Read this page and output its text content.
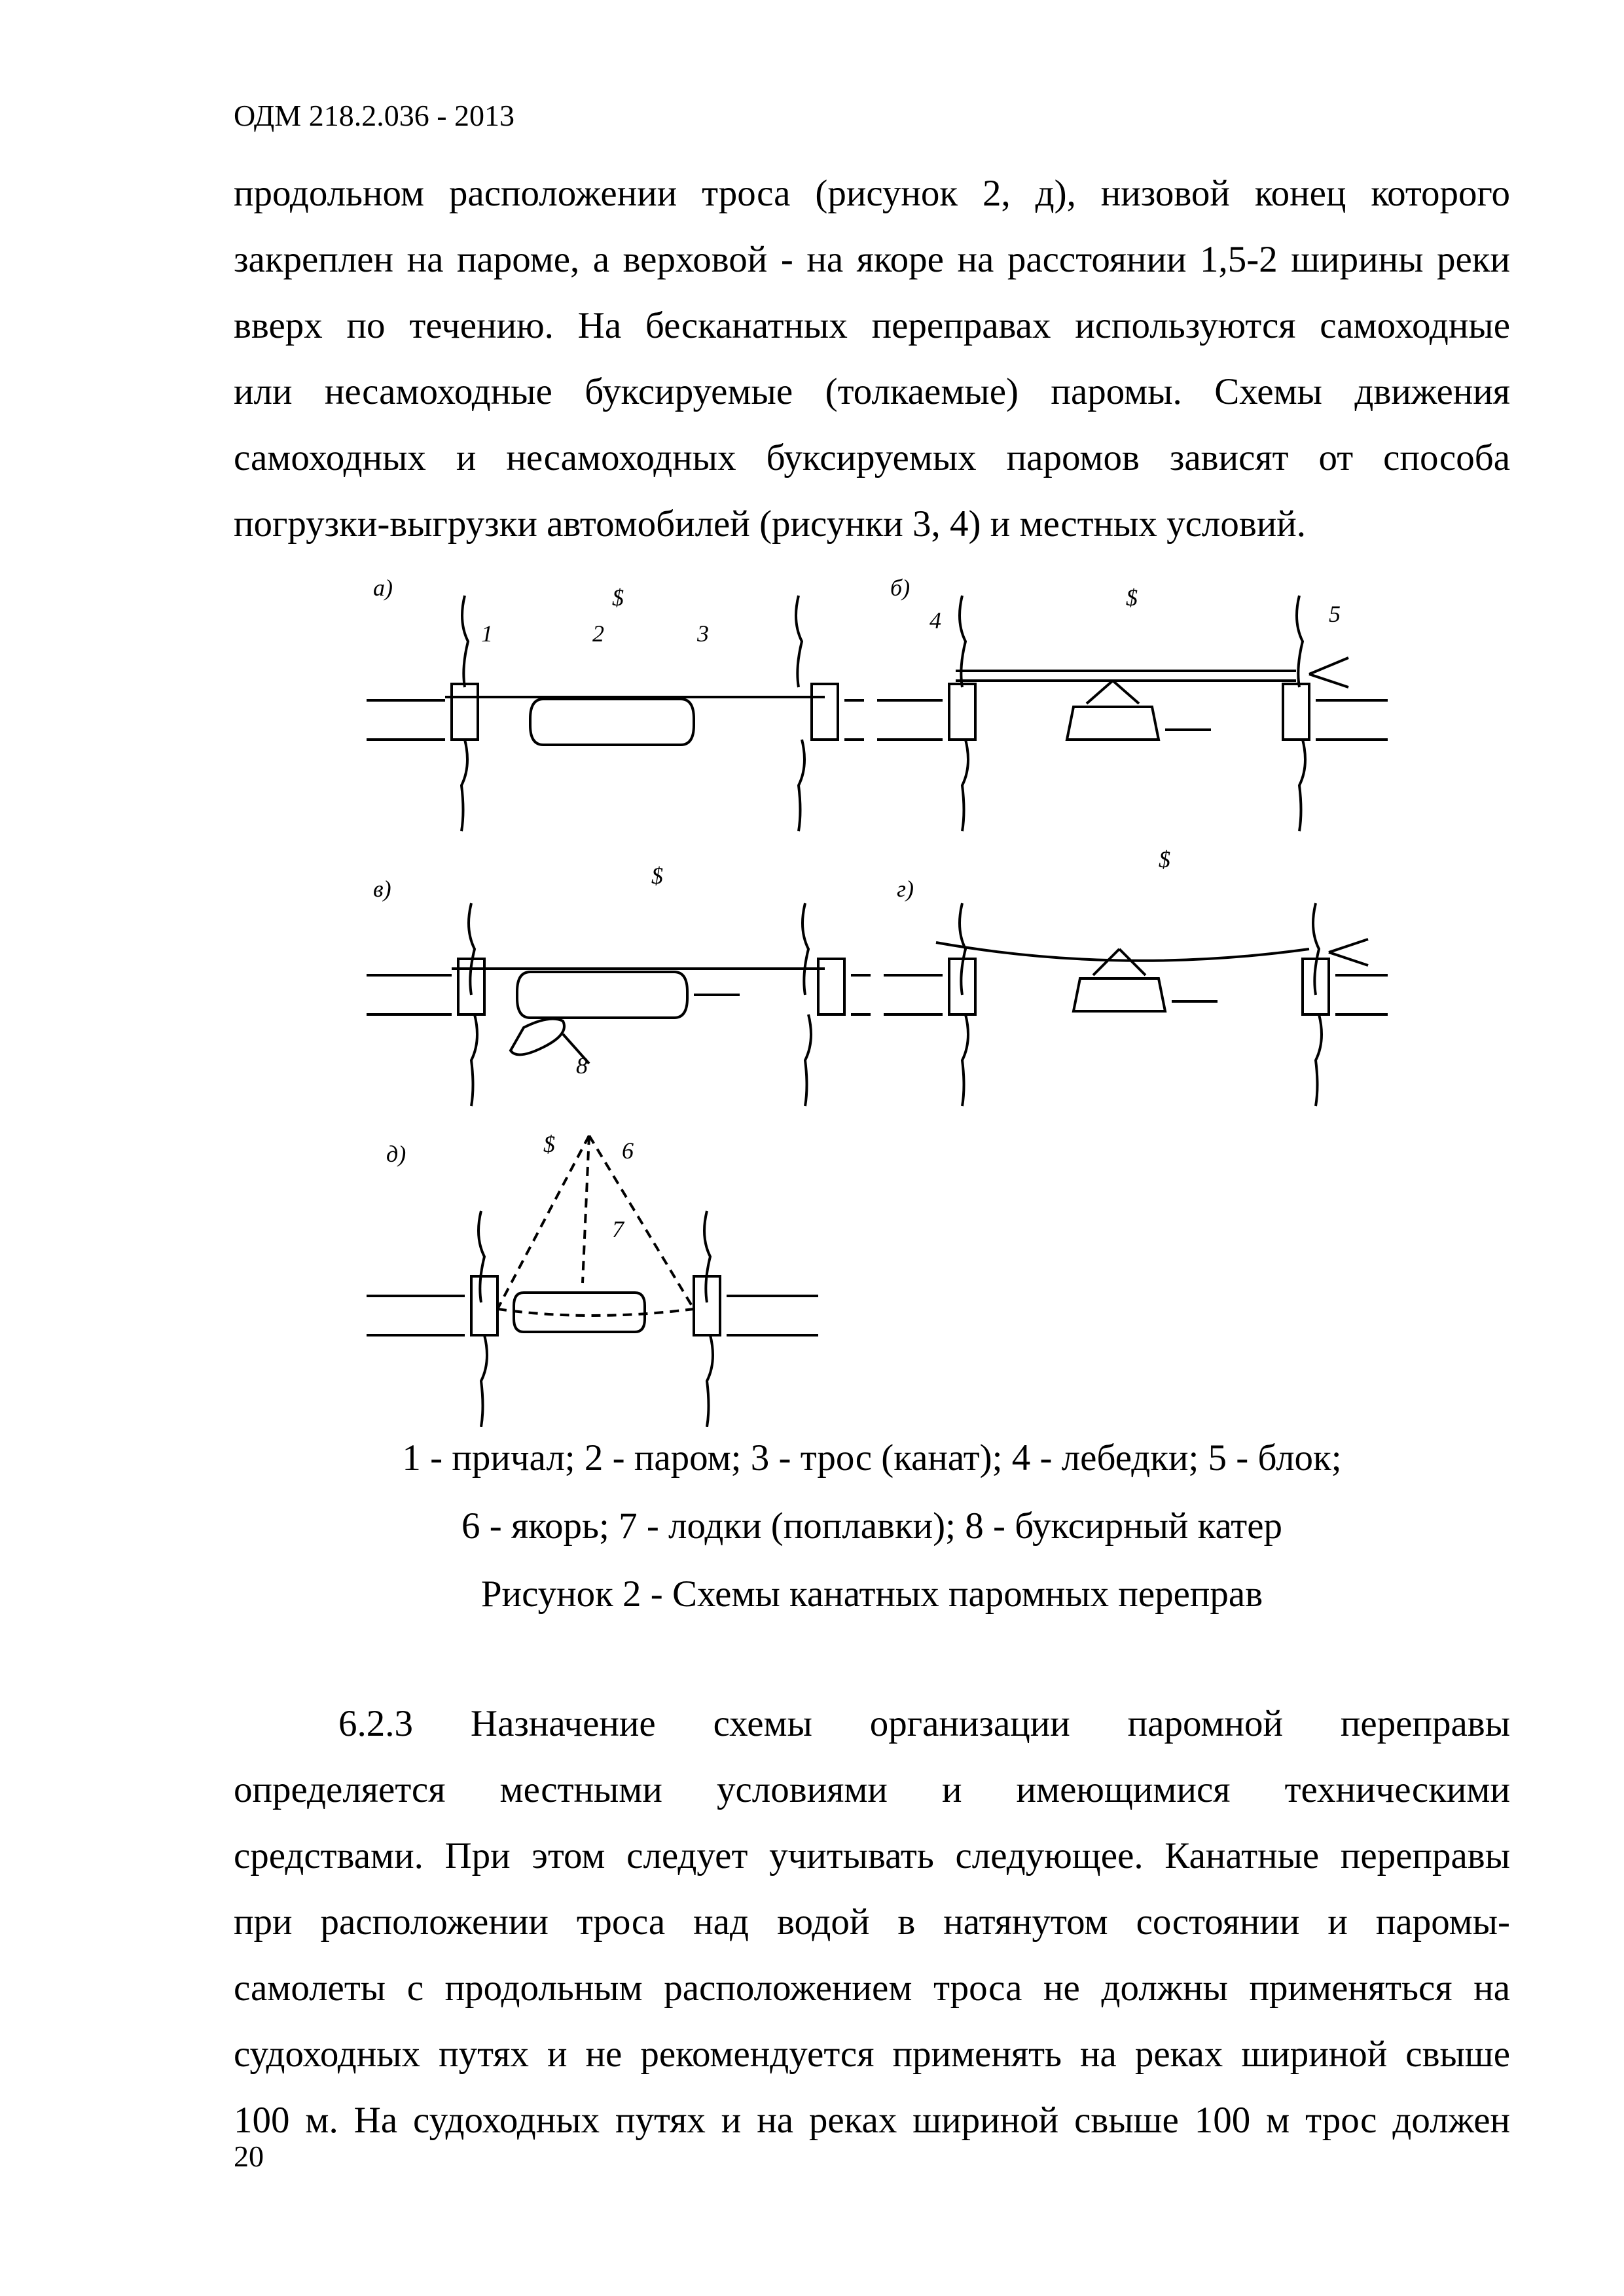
ОДМ 218.2.036 - 2013
продольном расположении троса (рисунок 2, д), низовой конец которого
закреплен на пароме, а верховой - на якоре на расстоянии 1,5-2 ширины реки
вверх по течению. На бесканатных переправах используются самоходные
или несамоходные буксируемые (толкаемые) паромы. Схемы движения
самоходных и несамоходных буксируемых паромов зависят от способа
погрузки-выгрузки автомобилей (рисунки 3, 4) и местных условий.
а)
1	2	3
$	б)
4	5
$
в)
8
$	г)
$
д)	6
7
$
1 - причал; 2 - паром; 3 - трос (канат); 4 - лебедки; 5 - блок;
6 - якорь; 7 - лодки (поплавки); 8 - буксирный катер
Рисунок 2 - Схемы канатных паромных переправ
6.2.3 Назначение схемы организации паромной переправы
определяется местными условиями и имеющимися техническими
средствами. При этом следует учитывать следующее. Канатные переправы
при расположении троса над водой в натянутом состоянии и паромы-
самолеты с продольным расположением троса не должны применяться на
судоходных путях и не рекомендуется применять на реках шириной свыше
100 м. На судоходных путях и на реках шириной свыше 100 м трос должен
20
